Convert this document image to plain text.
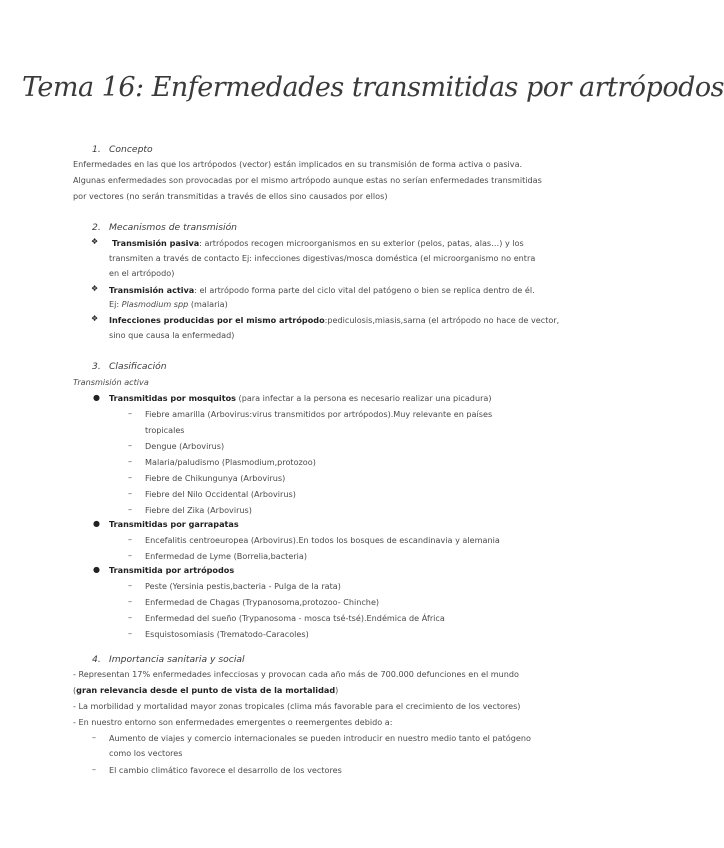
Tema 16: Enfermedades transmitidas por artrópodos
1. Concepto
Enfermedades en las que los artrópodos (vector) están implicados en su transmisión de forma activa o pasiva.
Algunas enfermedades son provocadas por el mismo artrópodo aunque estas no serían enfermedades transmitidas
por vectores (no serán transmitidas a través de ellos sino causados por ellos)
2. Mecanismos de transmisión
❖ Transmisión pasiva: artrópodos recogen microorganismos en su exterior (pelos, patas, alas…) y los
transmiten a través de contacto Ej: infecciones digestivas/mosca doméstica (el microorganismo no entra
en el artrópodo)
❖ Transmisión activa: el artrópodo forma parte del ciclo vital del patógeno o bien se replica dentro de él.
Ej: Plasmodium spp (malaria)
❖ Infecciones producidas por el mismo artrópodo:pediculosis,miasis,sarna (el artrópodo no hace de vector,
sino que causa la enfermedad)
3. Clasificación
Transmisión activa
● Transmitidas por mosquitos (para infectar a la persona es necesario realizar una picadura)
– Fiebre amarilla (Arbovirus:virus transmitidos por artrópodos).Muy relevante en países
tropicales
– Dengue (Arbovirus)
– Malaria/paludismo (Plasmodium,protozoo)
– Fiebre de Chikungunya (Arbovirus)
– Fiebre del Nilo Occidental (Arbovirus)
– Fiebre del Zika (Arbovirus)
● Transmitidas por garrapatas
– Encefalitis centroeuropea (Arbovirus).En todos los bosques de escandinavia y alemania
– Enfermedad de Lyme (Borrelia,bacteria)
● Transmitida por artrópodos
– Peste (Yersinia pestis,bacteria - Pulga de la rata)
– Enfermedad de Chagas (Trypanosoma,protozoo- Chinche)
– Enfermedad del sueño (Trypanosoma - mosca tsé-tsé).Endémica de África
– Esquistosomiasis (Trematodo-Caracoles)
4. Importancia sanitaria y social
- Representan 17% enfermedades infecciosas y provocan cada año más de 700.000 defunciones en el mundo
(gran relevancia desde el punto de vista de la mortalidad)
- La morbilidad y mortalidad mayor zonas tropicales (clima más favorable para el crecimiento de los vectores)
- En nuestro entorno son enfermedades emergentes o reemergentes debido a:
– Aumento de viajes y comercio internacionales se pueden introducir en nuestro medio tanto el patógeno
como los vectores
– El cambio climático favorece el desarrollo de los vectores
